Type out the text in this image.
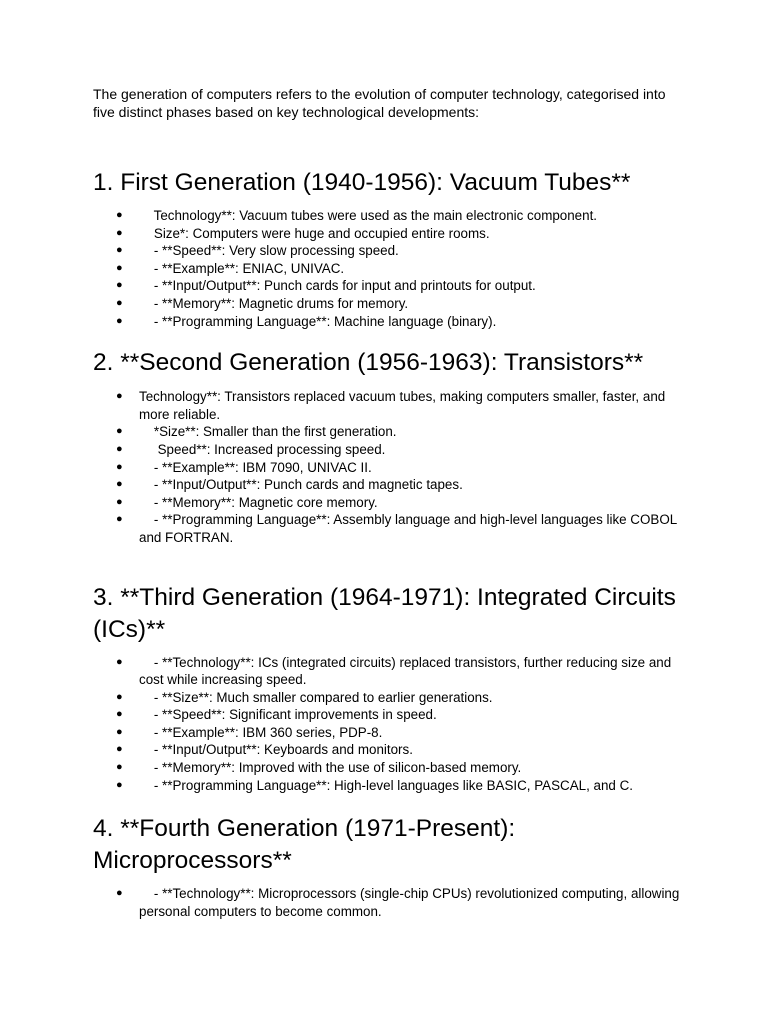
The generation of computers refers to the evolution of computer technology, categorised into five distinct phases based on key technological developments:

1. First Generation (1940-1956): Vacuum Tubes**
● Technology**: Vacuum tubes were used as the main electronic component.
● Size*: Computers were huge and occupied entire rooms.
● - **Speed**: Very slow processing speed.
● - **Example**: ENIAC, UNIVAC.
● - **Input/Output**: Punch cards for input and printouts for output.
● - **Memory**: Magnetic drums for memory.
● - **Programming Language**: Machine language (binary).
2. **Second Generation (1956-1963): Transistors**
● Technology**: Transistors replaced vacuum tubes, making computers smaller, faster, and more reliable.
● *Size**: Smaller than the first generation.
● Speed**: Increased processing speed.
● - **Example**: IBM 7090, UNIVAC II.
● - **Input/Output**: Punch cards and magnetic tapes.
● - **Memory**: Magnetic core memory.
● - **Programming Language**: Assembly language and high-level languages like COBOL and FORTRAN.
3. **Third Generation (1964-1971): Integrated Circuits (ICs)**
● - **Technology**: ICs (integrated circuits) replaced transistors, further reducing size and cost while increasing speed.
● - **Size**: Much smaller compared to earlier generations.
● - **Speed**: Significant improvements in speed.
● - **Example**: IBM 360 series, PDP-8.
● - **Input/Output**: Keyboards and monitors.
● - **Memory**: Improved with the use of silicon-based memory.
● - **Programming Language**: High-level languages like BASIC, PASCAL, and C.
4. **Fourth Generation (1971-Present): Microprocessors**
● - **Technology**: Microprocessors (single-chip CPUs) revolutionized computing, allowing personal computers to become common.
